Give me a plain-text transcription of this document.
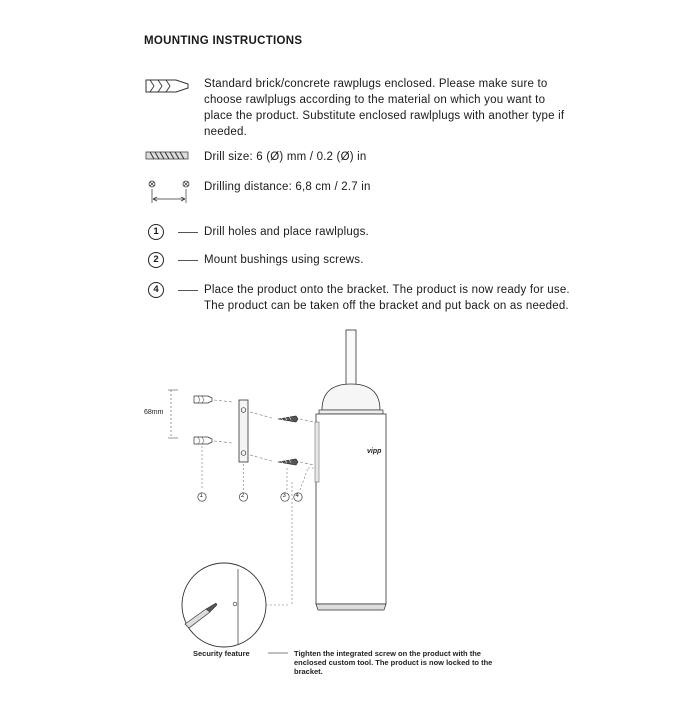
MOUNTING INSTRUCTIONS
Standard brick/concrete rawplugs enclosed. Please make sure to choose rawlplugs according to the material on which you want to place the product. Substitute enclosed rawlplugs with another type if needed.
Drill size: 6 (Ø) mm / 0.2 (Ø) in
Drilling distance: 6,8 cm / 2.7 in
1	Drill holes and place rawlplugs.
2	Mount bushings using screws.
4	Place the product onto the bracket. The product is now ready for use. The product can be taken off the bracket and put back on as needed.
68mm
1	2	3 4
vipp
Security feature	Tighten the integrated screw on the product with the enclosed custom tool. The product is now locked to the bracket.
